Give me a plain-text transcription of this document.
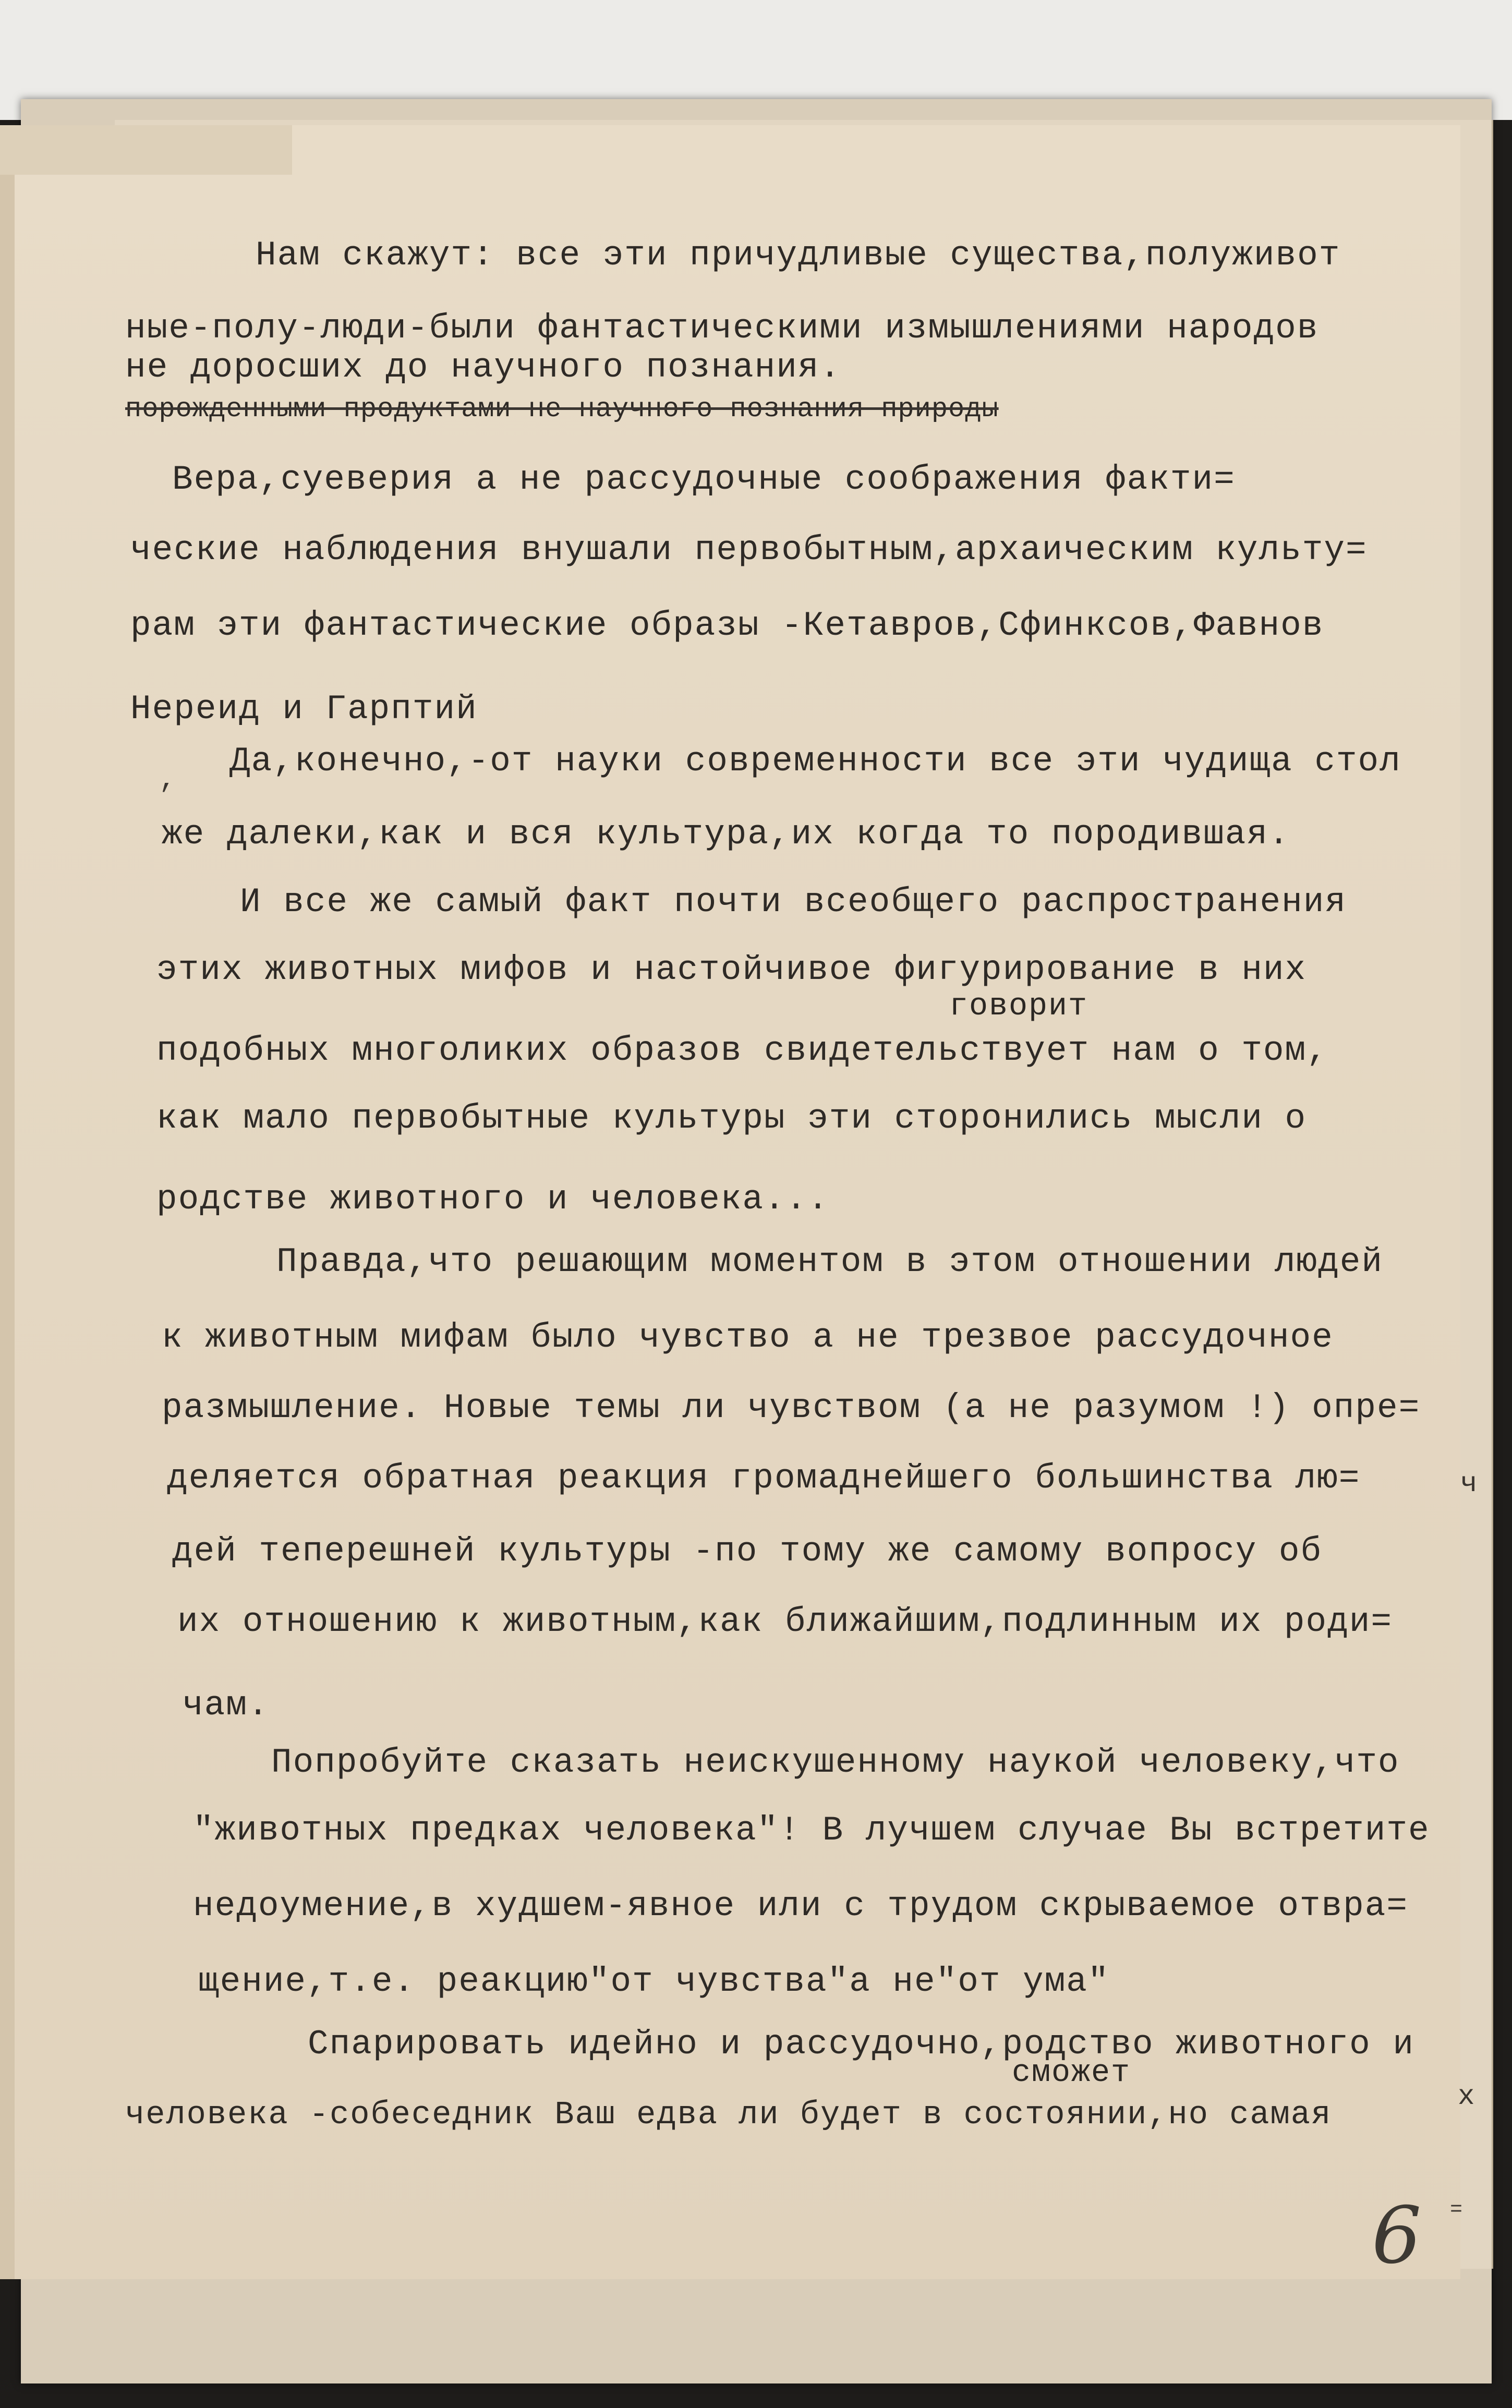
Нам скажут: все эти причудливые существа,полуживот
ные-полу-люди-были фантастическими измышлениями народов
не доросших до научного познания.
порожденными продуктами не научного познания природы
Вера,суеверия а не рассудочные соображения факти=
ческие наблюдения внушали первобытным,архаическим культу=
рам эти фантастические образы -Кетавров,Сфинксов,Фавнов
Нереид и Гарптий
, Да,конечно,-от науки современности все эти чудища стол
же далеки,как и вся культура,их когда то породившая.
И все же самый факт почти всеобщего распространения
этих животных мифов и настойчивое фигурирование в них
говорит
подобных многоликих образов свидетельствует нам о том,
как мало первобытные культуры эти сторонились мысли о
родстве животного и человека...
Правда,что решающим моментом в этом отношении людей
к животным мифам было чувство а не трезвое рассудочное
размышление. Новые темы ли чувством (а не разумом !) опре=
деляется обратная реакция громаднейшего большинства лю=	ч
дей теперешней культуры -по тому же самому вопросу об
их отношению к животным,как ближайшим,подлинным их роди=
чам.
Попробуйте сказать неискушенному наукой человеку,что
"животных предках человека"! В лучшем случае Вы встретите
недоумение,в худшем-явное или с трудом скрываемое отвра=
щение,т.е. реакцию"от чувства"а не"от ума"
Спарировать идейно и рассудочно,родство животного и
сможет
человека -собеседник Ваш едва ли будет в состоянии,но самая	х
6 =
